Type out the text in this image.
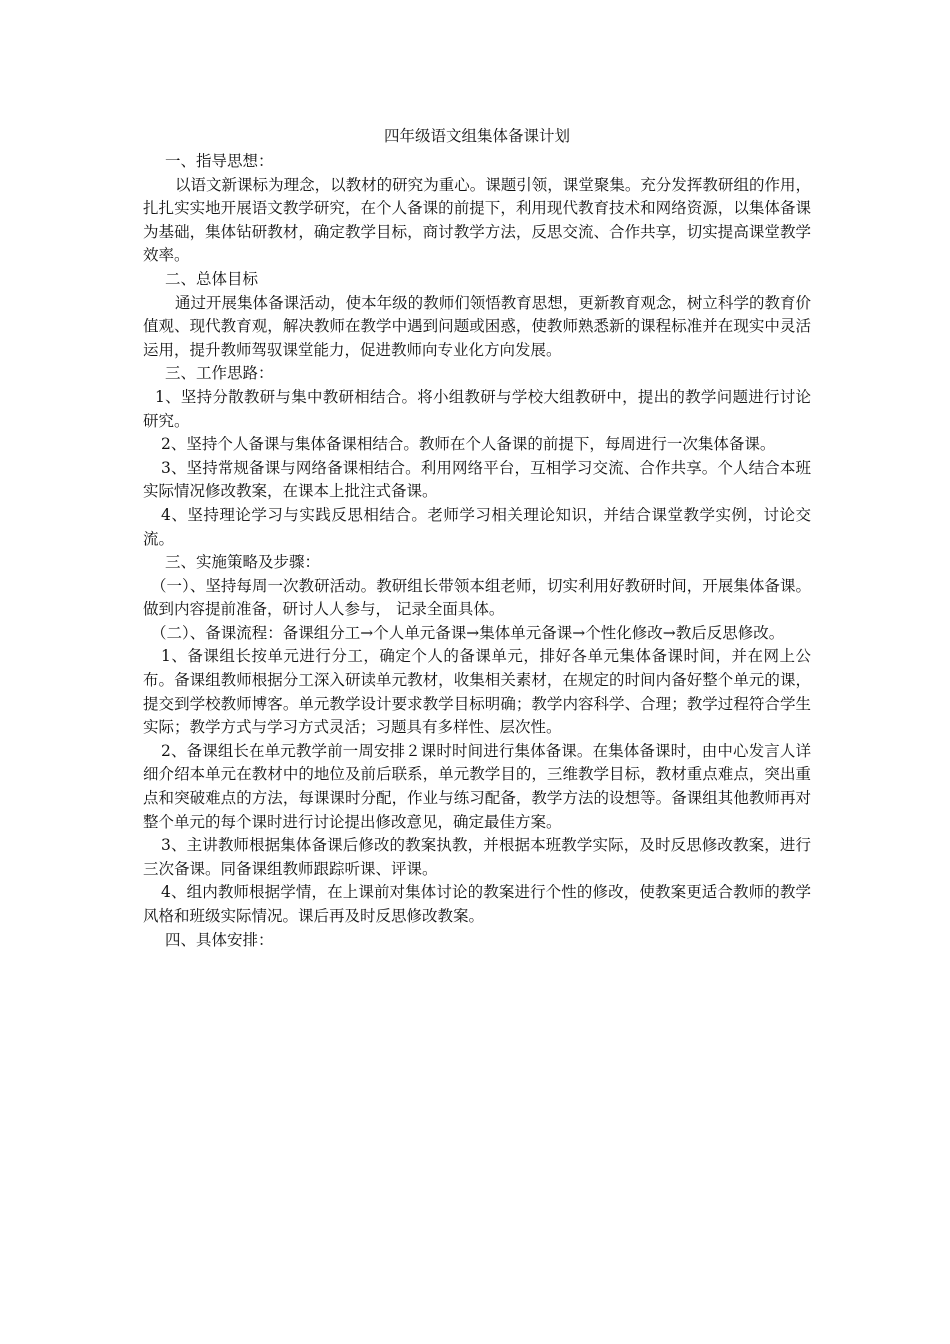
四年级语文组集体备课计划

一、指导思想：

以语文新课标为理念，以教材的研究为重心。课题引领，课堂聚集。充分发挥教研组的作用，扎扎实实地开展语文教学研究，在个人备课的前提下，利用现代教育技术和网络资源，以集体备课为基础，集体钻研教材，确定教学目标，商讨教学方法，反思交流、合作共享，切实提高课堂教学效率。

二、总体目标

通过开展集体备课活动，使本年级的教师们领悟教育思想，更新教育观念，树立科学的教育价值观、现代教育观，解决教师在教学中遇到问题或困惑，使教师熟悉新的课程标准并在现实中灵活运用，提升教师驾驭课堂能力，促进教师向专业化方向发展。

三、工作思路：

1、坚持分散教研与集中教研相结合。将小组教研与学校大组教研中，提出的教学问题进行讨论研究。

2、坚持个人备课与集体备课相结合。教师在个人备课的前提下，每周进行一次集体备课。

3、坚持常规备课与网络备课相结合。利用网络平台，互相学习交流、合作共享。个人结合本班实际情况修改教案，在课本上批注式备课。

4、坚持理论学习与实践反思相结合。老师学习相关理论知识，并结合课堂教学实例，讨论交流。

三、实施策略及步骤：

（一）、坚持每周一次教研活动。教研组长带领本组老师，切实利用好教研时间，开展集体备课。做到内容提前准备，研讨人人参与， 记录全面具体。

（二）、备课流程：备课组分工→个人单元备课→集体单元备课→个性化修改→教后反思修改。

1、备课组长按单元进行分工，确定个人的备课单元，排好各单元集体备课时间，并在网上公布。备课组教师根据分工深入研读单元教材，收集相关素材，在规定的时间内备好整个单元的课，提交到学校教师博客。单元教学设计要求教学目标明确；教学内容科学、合理；教学过程符合学生实际；教学方式与学习方式灵活；习题具有多样性、层次性。

2、备课组长在单元教学前一周安排２课时时间进行集体备课。在集体备课时，由中心发言人详细介绍本单元在教材中的地位及前后联系，单元教学目的，三维教学目标，教材重点难点，突出重点和突破难点的方法，每课课时分配，作业与练习配备，教学方法的设想等。备课组其他教师再对整个单元的每个课时进行讨论提出修改意见，确定最佳方案。

3、主讲教师根据集体备课后修改的教案执教，并根据本班教学实际，及时反思修改教案，进行三次备课。同备课组教师跟踪听课、评课。

4、组内教师根据学情，在上课前对集体讨论的教案进行个性的修改，使教案更适合教师的教学风格和班级实际情况。课后再及时反思修改教案。

四、具体安排：
